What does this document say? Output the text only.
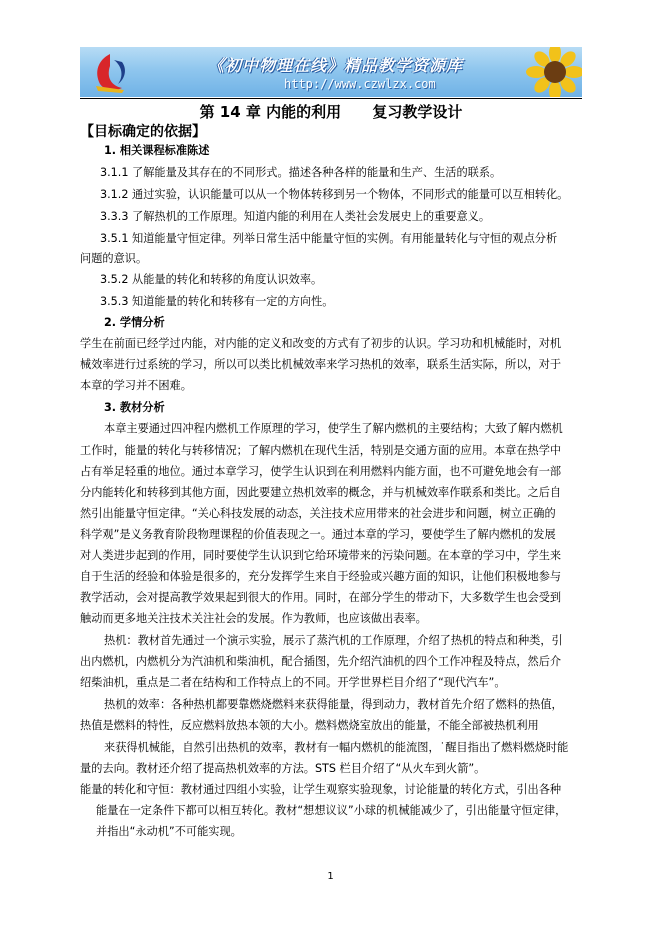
《初中物理在线》精品教学资源库
http://www.czwlzx.com
第 14 章 内能的利用      复习教学设计
【目标确定的依据】
1. 相关课程标准陈述
3.1.1 了解能量及其存在的不同形式。描述各种各样的能量和生产、生活的联系。
3.1.2 通过实验，认识能量可以从一个物体转移到另一个物体，不同形式的能量可以互相转化。
3.3.3 了解热机的工作原理。知道内能的利用在人类社会发展史上的重要意义。
3.5.1 知道能量守恒定律。列举日常生活中能量守恒的实例。有用能量转化与守恒的观点分析
问题的意识。
3.5.2 从能量的转化和转移的角度认识效率。
3.5.3 知道能量的转化和转移有一定的方向性。
2. 学情分析
学生在前面已经学过内能，对内能的定义和改变的方式有了初步的认识。学习功和机械能时，对机
械效率进行过系统的学习，所以可以类比机械效率来学习热机的效率，联系生活实际，所以，对于
本章的学习并不困难。
3. 教材分析
本章主要通过四冲程内燃机工作原理的学习，使学生了解内燃机的主要结构；大致了解内燃机
工作时，能量的转化与转移情况；了解内燃机在现代生活，特别是交通方面的应用。本章在热学中
占有举足轻重的地位。通过本章学习，使学生认识到在利用燃料内能方面，也不可避免地会有一部
分内能转化和转移到其他方面，因此要建立热机效率的概念，并与机械效率作联系和类比。之后自
然引出能量守恒定律。“关心科技发展的动态，关注技术应用带来的社会进步和问题，树立正确的
科学观”是义务教育阶段物理课程的价值表现之一。通过本章的学习，要使学生了解内燃机的发展
对人类进步起到的作用，同时要使学生认识到它给环境带来的污染问题。在本章的学习中，学生来
自于生活的经验和体验是很多的，充分发挥学生来自于经验或兴趣方面的知识，让他们积极地参与
教学活动，会对提高教学效果起到很大的作用。同时，在部分学生的带动下，大多数学生也会受到
触动而更多地关注技术关注社会的发展。作为教师，也应该做出表率。
热机：教材首先通过一个演示实验，展示了蒸汽机的工作原理，介绍了热机的特点和种类，引
出内燃机，内燃机分为汽油机和柴油机，配合插图，先介绍汽油机的四个工作冲程及特点，然后介
绍柴油机，重点是二者在结构和工作特点上的不同。开学世界栏目介绍了“现代汽车”。
热机的效率：各种热机都要靠燃烧燃料来获得能量，得到动力，教材首先介绍了燃料的热值，
热值是燃料的特性，反应燃料放热本领的大小。燃料燃烧室放出的能量，不能全部被热机利用
来获得机械能，自然引出热机的效率，教材有一幅内燃机的能流图，˙醒目指出了燃料燃烧时能
量的去向。教材还介绍了提高热机效率的方法。STS 栏目介绍了“从火车到火箭”。
能量的转化和守恒：教材通过四组小实验，让学生观察实验现象，讨论能量的转化方式，引出各种
能量在一定条件下都可以相互转化。教材“想想议议”小球的机械能减少了，引出能量守恒定律，
并指出“永动机”不可能实现。
1
